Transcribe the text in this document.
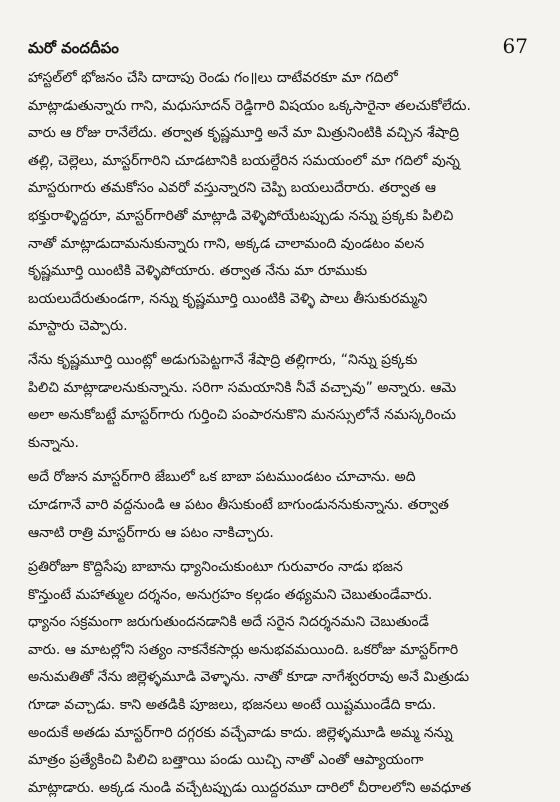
మరో వందదీపం	67

హాస్టల్‌లో భోజనం చేసి దాదాపు రెండు గం॥లు దాటేవరకూ మా గదిలో
మాట్లాడుతున్నారు గాని, మధుసూదన్ రెడ్డిగారి విషయం ఒక్కసారైనా తలచుకోలేదు.
వారు ఆ రోజు రానేలేదు. తర్వాత కృష్ణమూర్తి అనే మా మిత్రునింటికి వచ్చిన శేషాద్రి
తల్లి, చెల్లెలు, మాస్టర్‌గారిని చూడటానికి బయల్దేరిన సమయంలో మా గదిలో వున్న
మాస్టరుగారు తమకోసం ఎవరో వస్తున్నారని చెప్పి బయలుదేరారు. తర్వాత ఆ
భక్తురాళ్ళిద్దరూ, మాస్టర్‌గారితో మాట్లాడి వెళ్ళిపోయేటప్పుడు నన్ను ప్రక్కకు పిలిచి
నాతో మాట్లాడుదామనుకున్నారు గాని, అక్కడ చాలామంది వుండటం వలన
కృష్ణమూర్తి యింటికి వెళ్ళిపోయారు. తర్వాత నేను మా రూముకు
బయలుదేరుతుండగా, నన్ను కృష్ణమూర్తి యింటికి వెళ్ళి పాలు తీసుకురమ్మని
మాస్టారు చెప్పారు.

నేను కృష్ణమూర్తి యింట్లో అడుగుపెట్టగానే శేషాద్రి తల్లిగారు, “నిన్ను ప్రక్కకు
పిలిచి మాట్లాడాలనుకున్నాను. సరిగా సమయానికి నీవే వచ్చావు” అన్నారు. ఆమె
అలా అనుకోబట్టే మాస్టర్‌గారు గుర్తించి పంపారనుకొని మనస్సులోనే నమస్కరించు
కున్నాను.

అదే రోజున మాస్టర్‌గారి జేబులో ఒక బాబా పటముండటం చూచాను. అది
చూడగానే వారి వద్దనుండి ఆ పటం తీసుకుంటే బాగుండుననుకున్నాను. తర్వాత
ఆనాటి రాత్రి మాస్టర్‌గారు ఆ పటం నాకిచ్చారు.

ప్రతిరోజూ కొద్దిసేపు బాబాను ధ్యానించుకుంటూ గురువారం నాడు భజన
కొన్తుంటే మహాత్ముల దర్శనం, అనుగ్రహం కల్గడం తథ్యమని చెబుతుండేవారు.
ధ్యానం సక్రమంగా జరుగుతుందనడానికి అదే సరైన నిదర్శనమని చెబుతుండే
వారు. ఆ మాటల్లోని సత్యం నాకనేకసార్లు అనుభవమయింది. ఒకరోజు మాస్టర్‌గారి
అనుమతితో నేను జిల్లెళ్ళమూడి వెళ్ళాను. నాతో కూడా నాగేశ్వరరావు అనే మిత్రుడు
గూడా వచ్చాడు. కాని అతడికి పూజలు, భజనలు అంటే యిష్టముండేది కాదు.
అందుకే అతడు మాస్టర్‌గారి దగ్గరకు వచ్చేవాడు కాదు. జిల్లెళ్ళమూడి అమ్మ నన్ను
మాత్రం ప్రత్యేకించి పిలిచి బత్తాయి పండు యిచ్చి నాతో ఎంతో ఆప్యాయంగా
మాట్లాడారు. అక్కడ నుండి వచ్చేటప్పుడు యిద్దరమూ దారిలో చీరాలలోని అవధూత
